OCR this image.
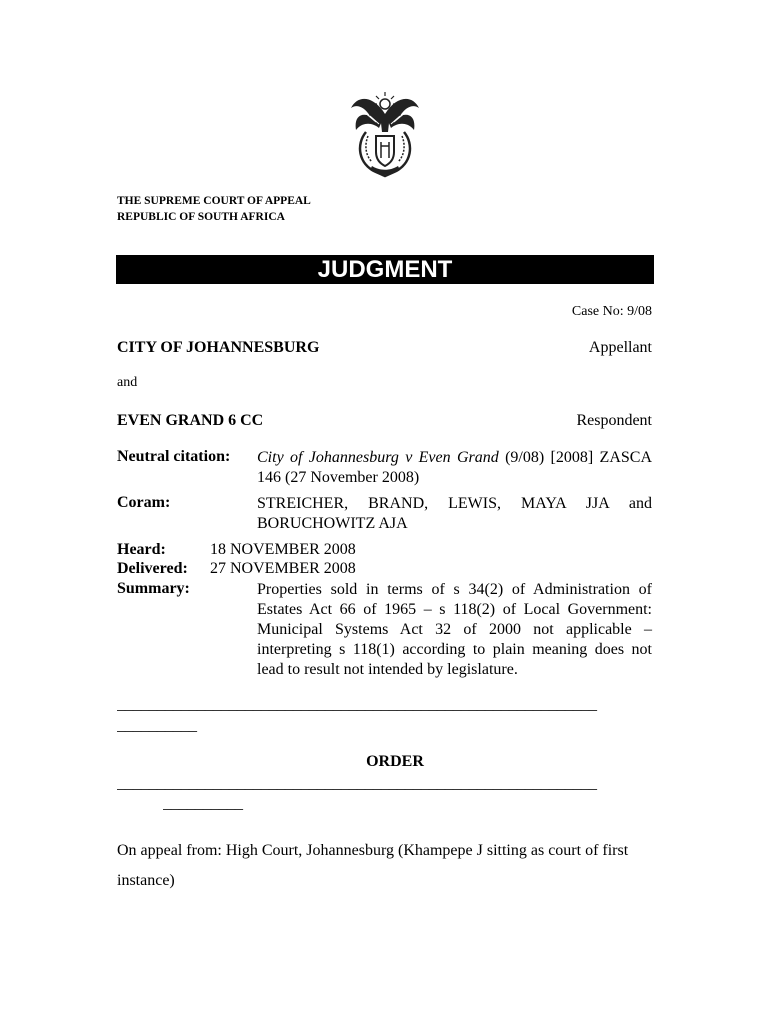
THE SUPREME COURT OF APPEAL
REPUBLIC OF SOUTH AFRICA
JUDGMENT
Case No: 9/08
CITY OF JOHANNESBURG	Appellant
and
EVEN GRAND 6 CC	Respondent
Neutral citation: City of Johannesburg v Even Grand (9/08) [2008] ZASCA 146 (27 November 2008)
Coram:	STREICHER, BRAND, LEWIS, MAYA JJA and BORUCHOWITZ AJA
Heard:	18 NOVEMBER 2008
Delivered: 27 NOVEMBER 2008
Summary:	Properties sold in terms of s 34(2) of Administration of Estates Act 66 of 1965 – s 118(2) of Local Government: Municipal Systems Act 32 of 2000 not applicable – interpreting s 118(1) according to plain meaning does not lead to result not intended by legislature.
____________________________________________________________
__________
ORDER
____________________________________________________________
__________
On appeal from: High Court, Johannesburg (Khampepe J sitting as court of first instance)
